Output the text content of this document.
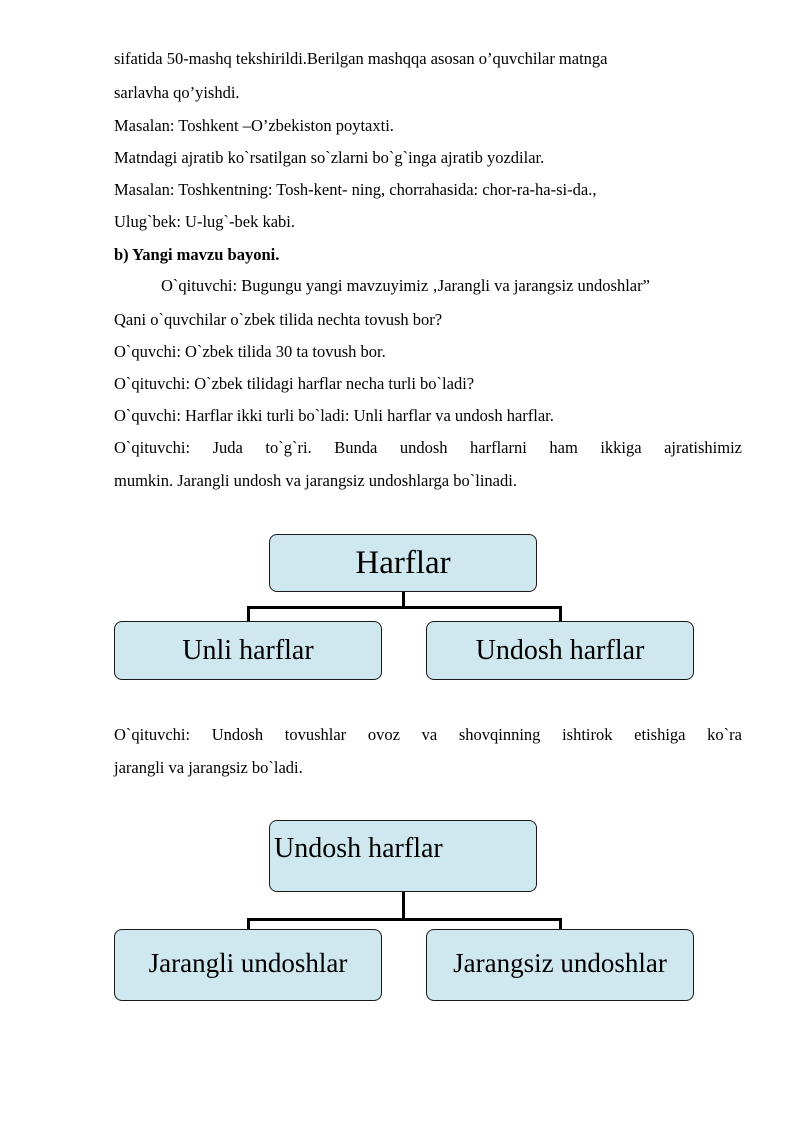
sifatida 50-mashq tekshirildi.Berilgan mashqqa asosan o’quvchilar matnga
sarlavha qo’yishdi.
Masalan: Toshkent –O’zbekiston poytaxti.
Matndagi ajratib ko`rsatilgan so`zlarni bo`g`inga ajratib yozdilar.
Masalan: Toshkentning: Tosh-kent- ning, chorrahasida: chor-ra-ha-si-da.,
Ulug`bek: U-lug`-bek kabi.
b) Yangi mavzu bayoni.
O`qituvchi: Bugungu yangi mavzuyimiz ‚Jarangli va jarangsiz undoshlar”
Qani o`quvchilar o`zbek tilida nechta tovush bor?
O`quvchi: O`zbek tilida 30 ta tovush bor.
O`qituvchi: O`zbek tilidagi harflar necha turli bo`ladi?
O`quvchi: Harflar ikki turli bo`ladi: Unli harflar va undosh harflar.
O`qituvchi: Juda to`g`ri. Bunda undosh harflarni ham ikkiga ajratishimiz
mumkin. Jarangli undosh va jarangsiz undoshlarga bo`linadi.
Harflar
Unli harflar	Undosh harflar
O`qituvchi: Undosh tovushlar ovoz va shovqinning ishtirok etishiga ko`ra
jarangli va jarangsiz bo`ladi.
Undosh harflar
Jarangli undoshlar	Jarangsiz undoshlar
